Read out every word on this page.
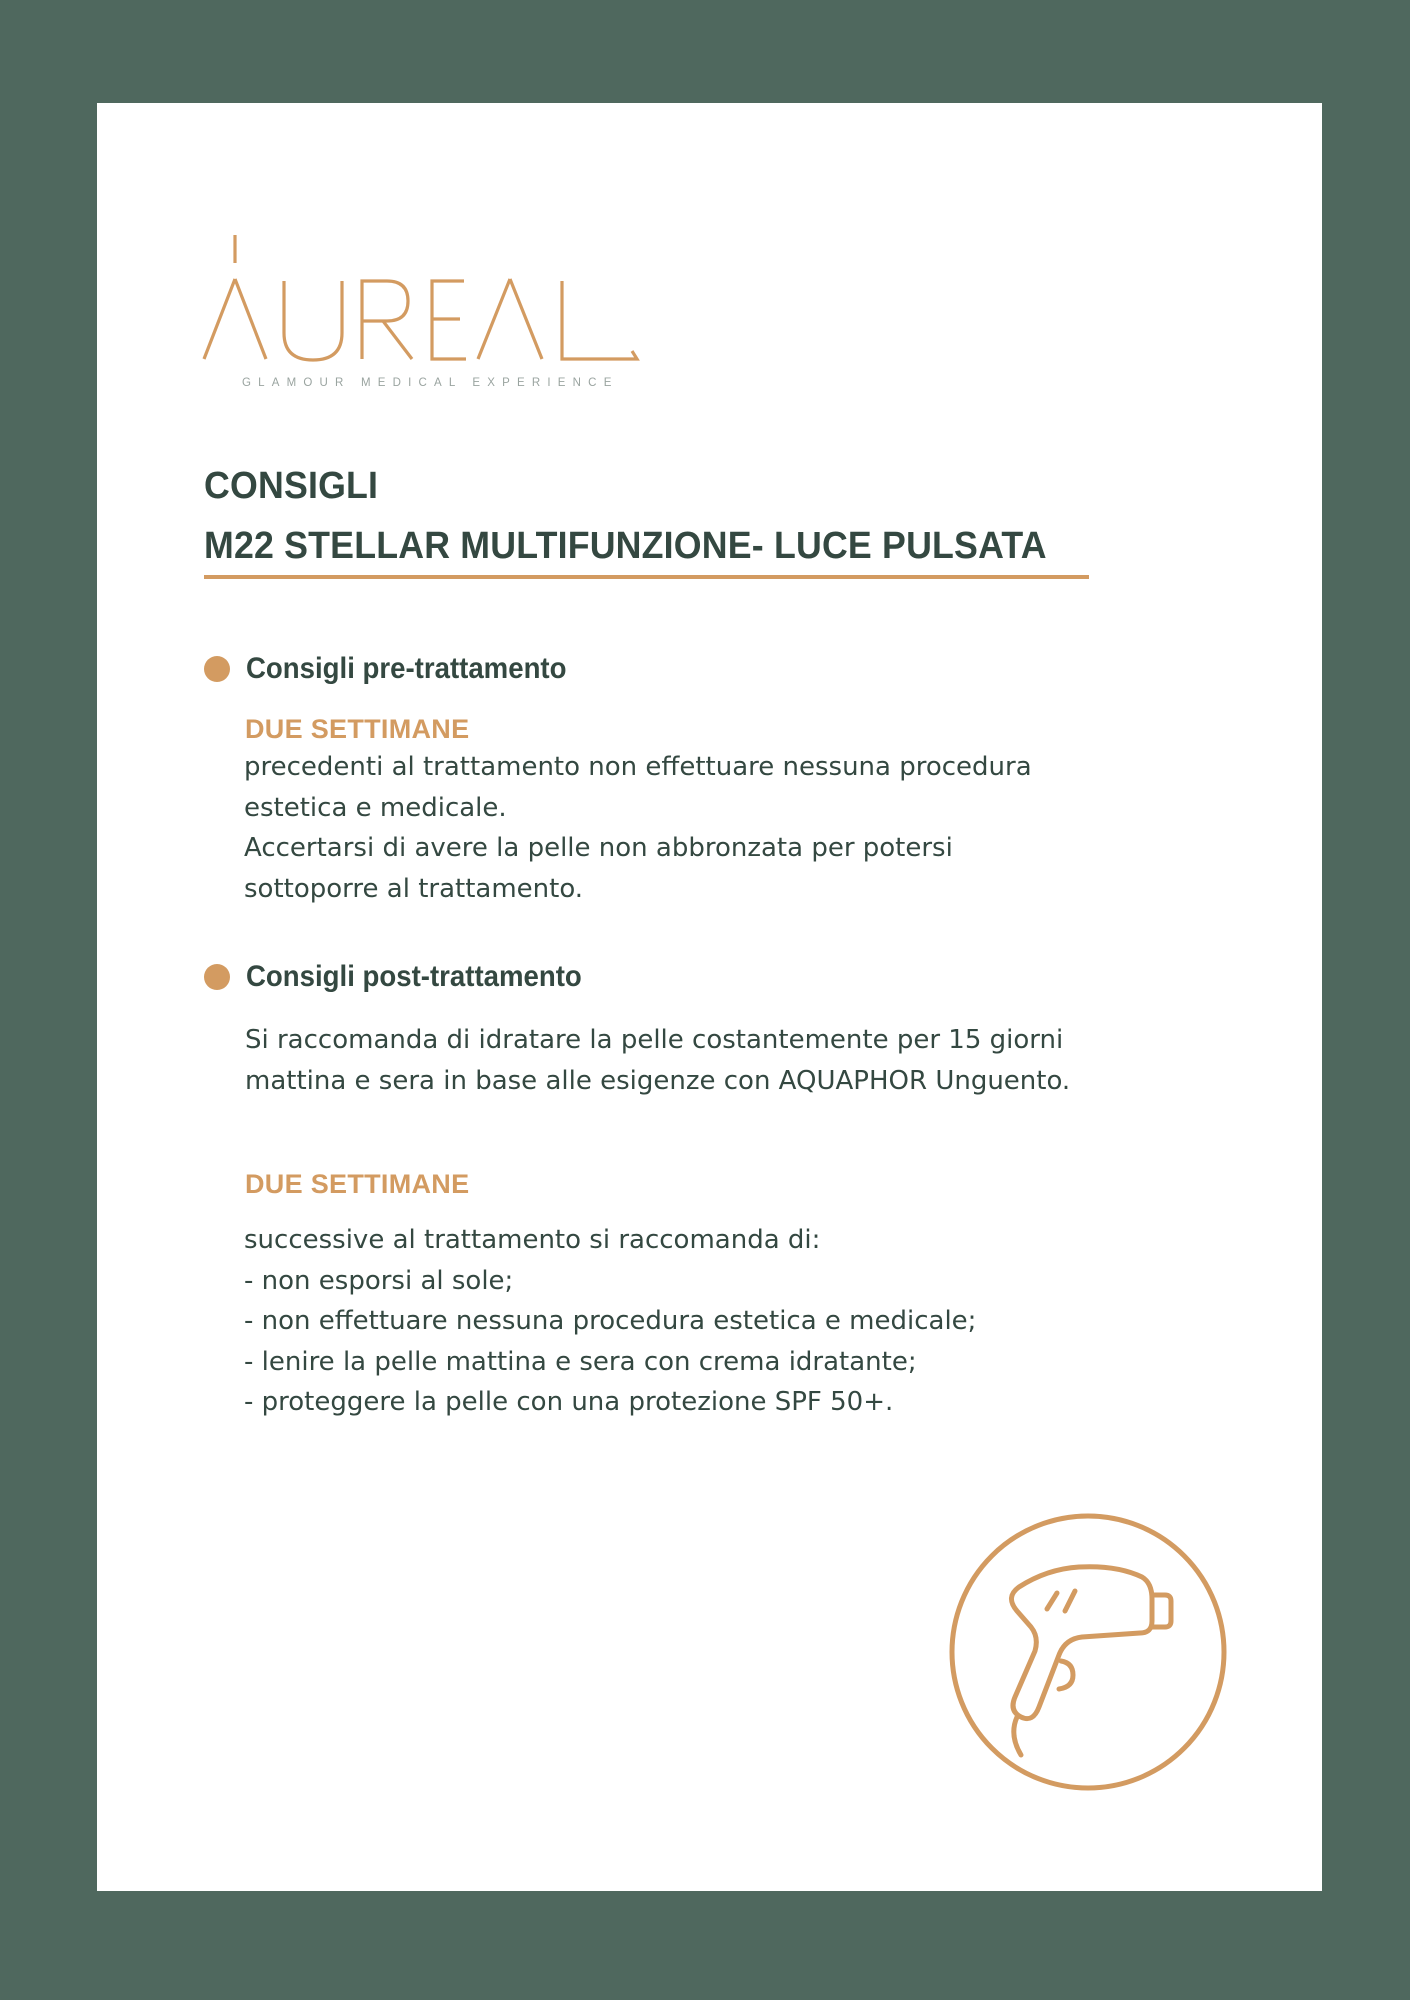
GLAMOUR MEDICAL EXPERIENCE
CONSIGLI
M22 STELLAR MULTIFUNZIONE- LUCE PULSATA
Consigli pre-trattamento
DUE SETTIMANE

precedenti al trattamento non effettuare nessuna procedura

estetica e medicale.

Accertarsi di avere la pelle non abbronzata per potersi

sottoporre al trattamento.

Consigli post-trattamento

Si raccomanda di idratare la pelle costantemente per 15 giorni

mattina e sera in base alle esigenze con AQUAPHOR Unguento.

DUE SETTIMANE

successive al trattamento si raccomanda di:

- non esporsi al sole;

- non effettuare nessuna procedura estetica e medicale;

- lenire la pelle mattina e sera con crema idratante;

- proteggere la pelle con una protezione SPF 50+.
